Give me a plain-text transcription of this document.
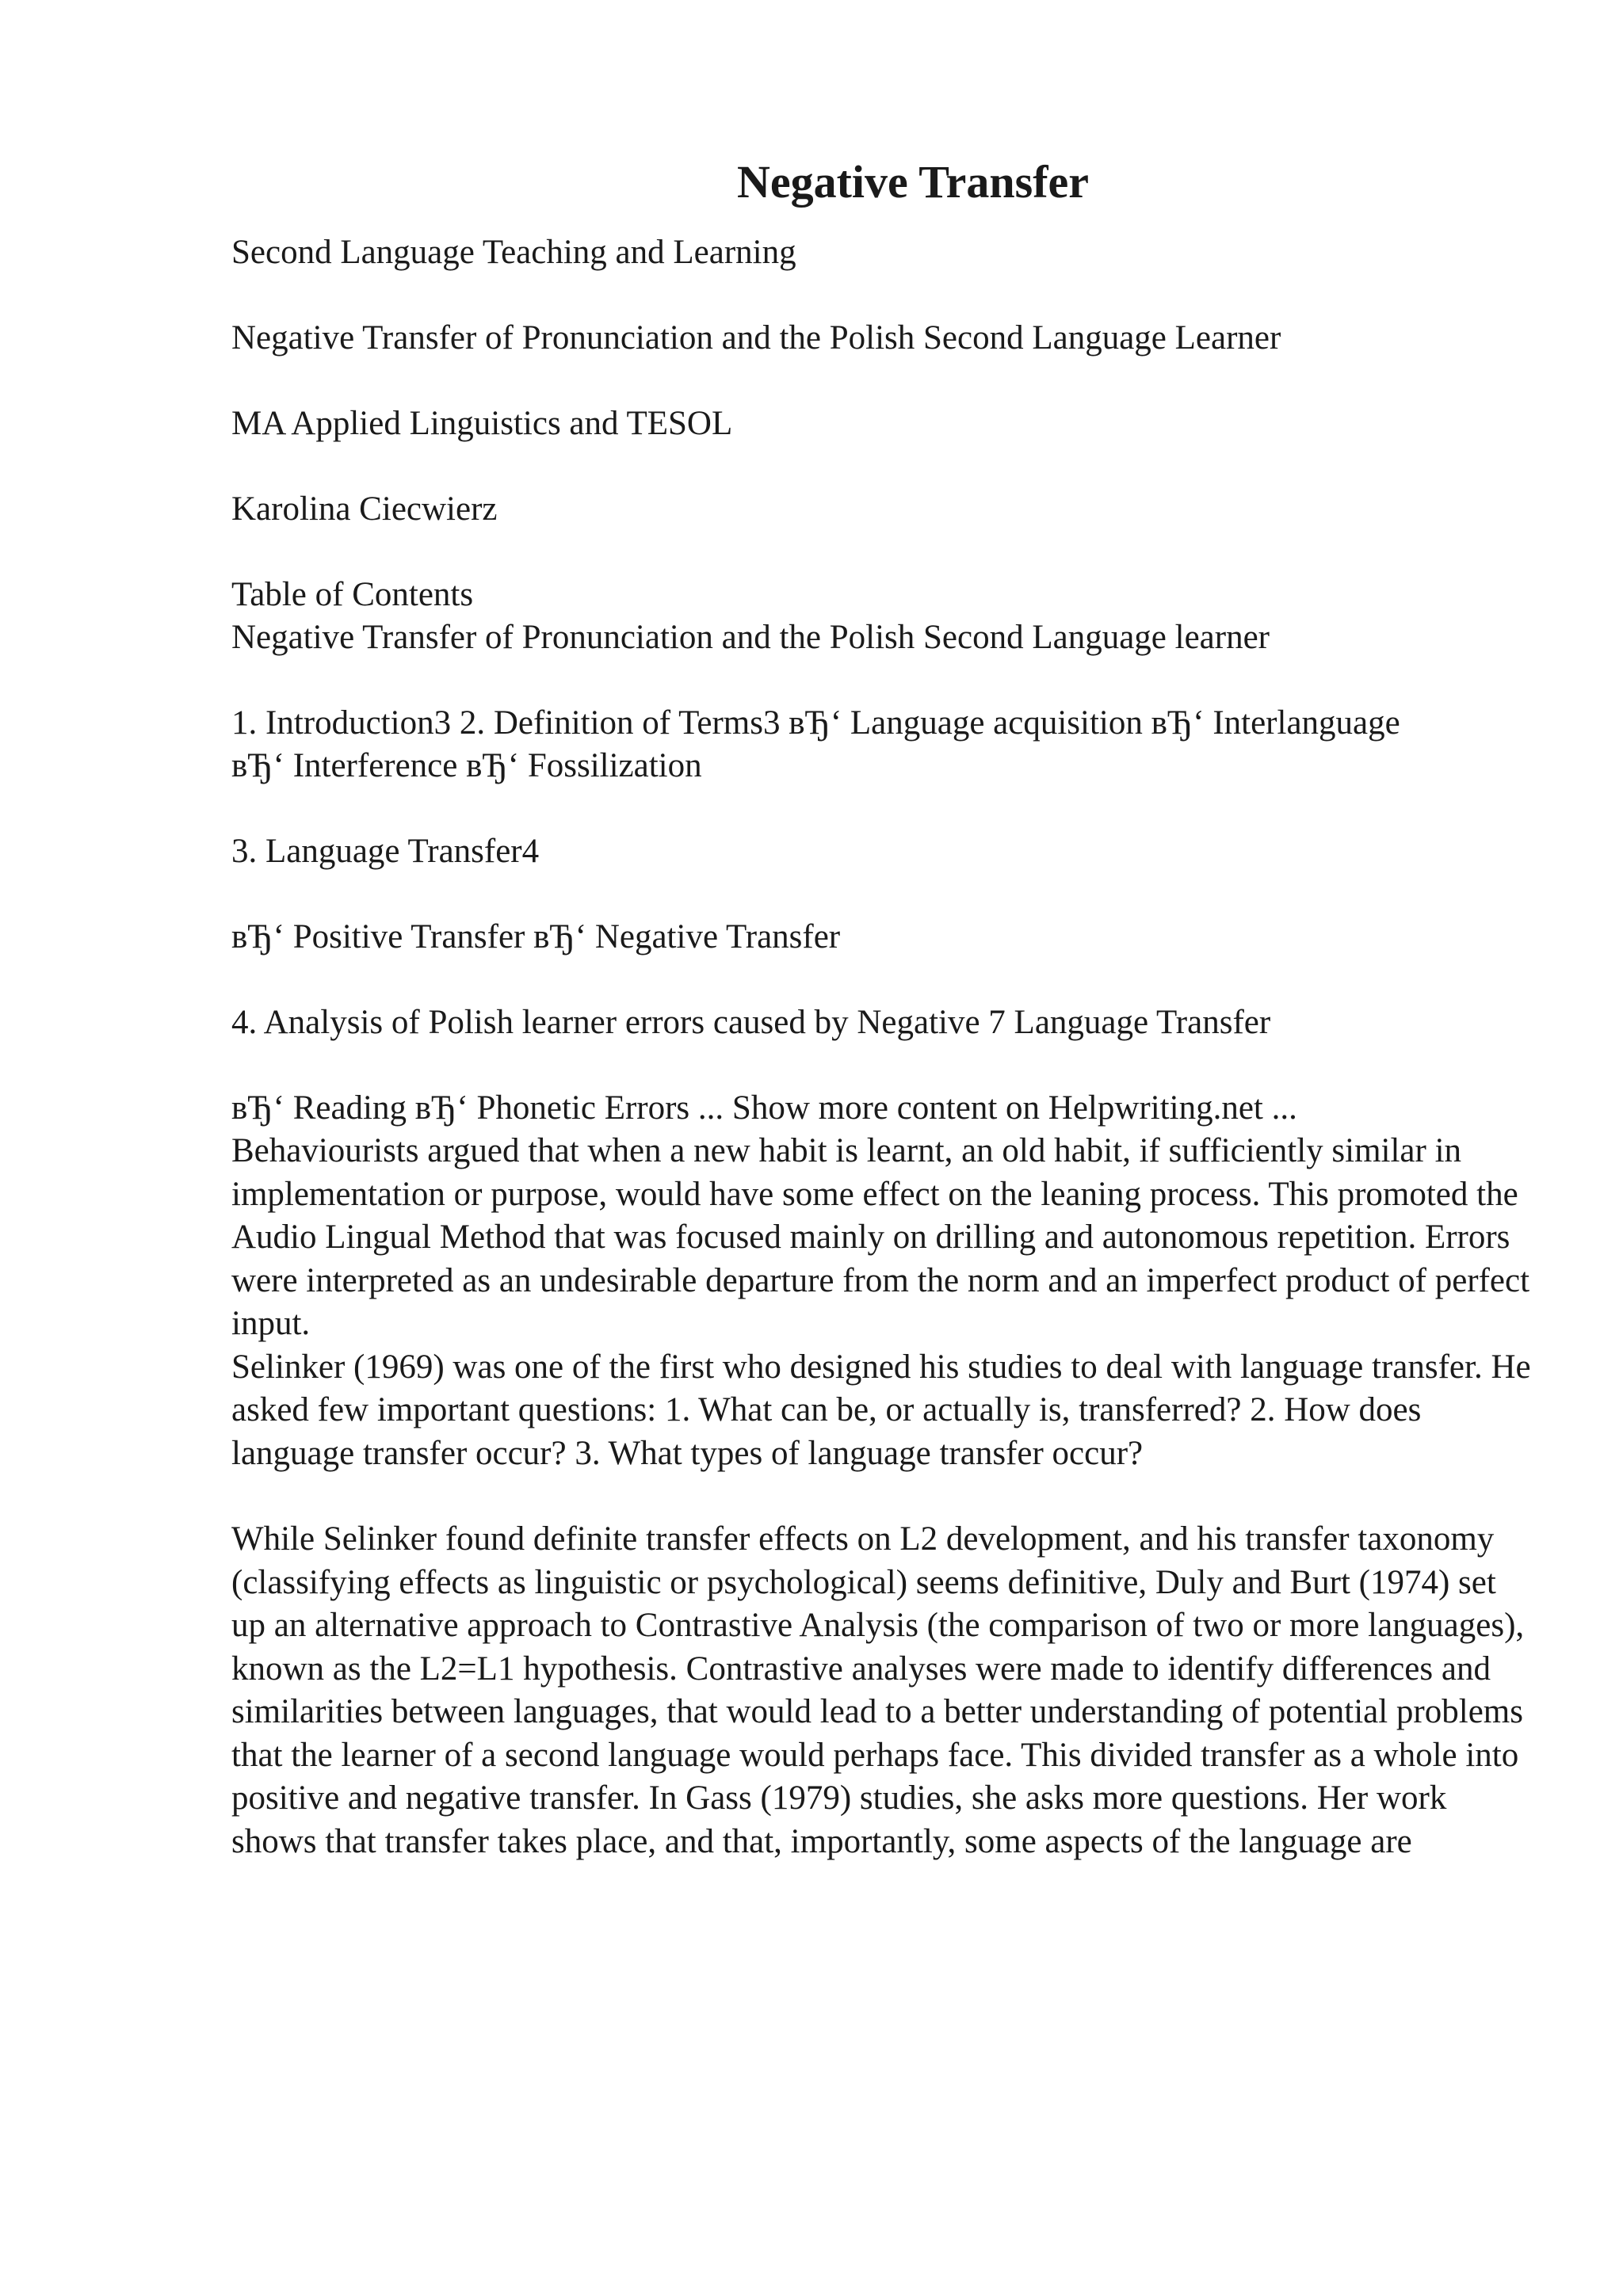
Negative Transfer

Second Language Teaching and Learning

Negative Transfer of Pronunciation and the Polish Second Language Learner

MA Applied Linguistics and TESOL

Karolina Ciecwierz

Table of Contents

Negative Transfer of Pronunciation and the Polish Second Language learner

1. Introduction3 2. Definition of Terms3 вЂ‘ Language acquisition вЂ‘ Interlanguage

вЂ‘ Interference вЂ‘ Fossilization

3. Language Transfer4

вЂ‘ Positive Transfer вЂ‘ Negative Transfer

4. Analysis of Polish learner errors caused by Negative 7 Language Transfer

вЂ‘ Reading вЂ‘ Phonetic Errors ... Show more content on Helpwriting.net ...

Behaviourists argued that when a new habit is learnt, an old habit, if sufficiently similar in implementation or purpose, would have some effect on the leaning process. This promoted the Audio Lingual Method that was focused mainly on drilling and autonomous repetition. Errors were interpreted as an undesirable departure from the norm and an imperfect product of perfect input.

Selinker (1969) was one of the first who designed his studies to deal with language transfer. He asked few important questions: 1. What can be, or actually is, transferred? 2. How does language transfer occur? 3. What types of language transfer occur?

While Selinker found definite transfer effects on L2 development, and his transfer taxonomy (classifying effects as linguistic or psychological) seems definitive, Duly and Burt (1974) set up an alternative approach to Contrastive Analysis (the comparison of two or more languages), known as the L2=L1 hypothesis. Contrastive analyses were made to identify differences and similarities between languages, that would lead to a better understanding of potential problems that the learner of a second language would perhaps face. This divided transfer as a whole into positive and negative transfer. In Gass (1979) studies, she asks more questions. Her work shows that transfer takes place, and that, importantly, some aspects of the language are
